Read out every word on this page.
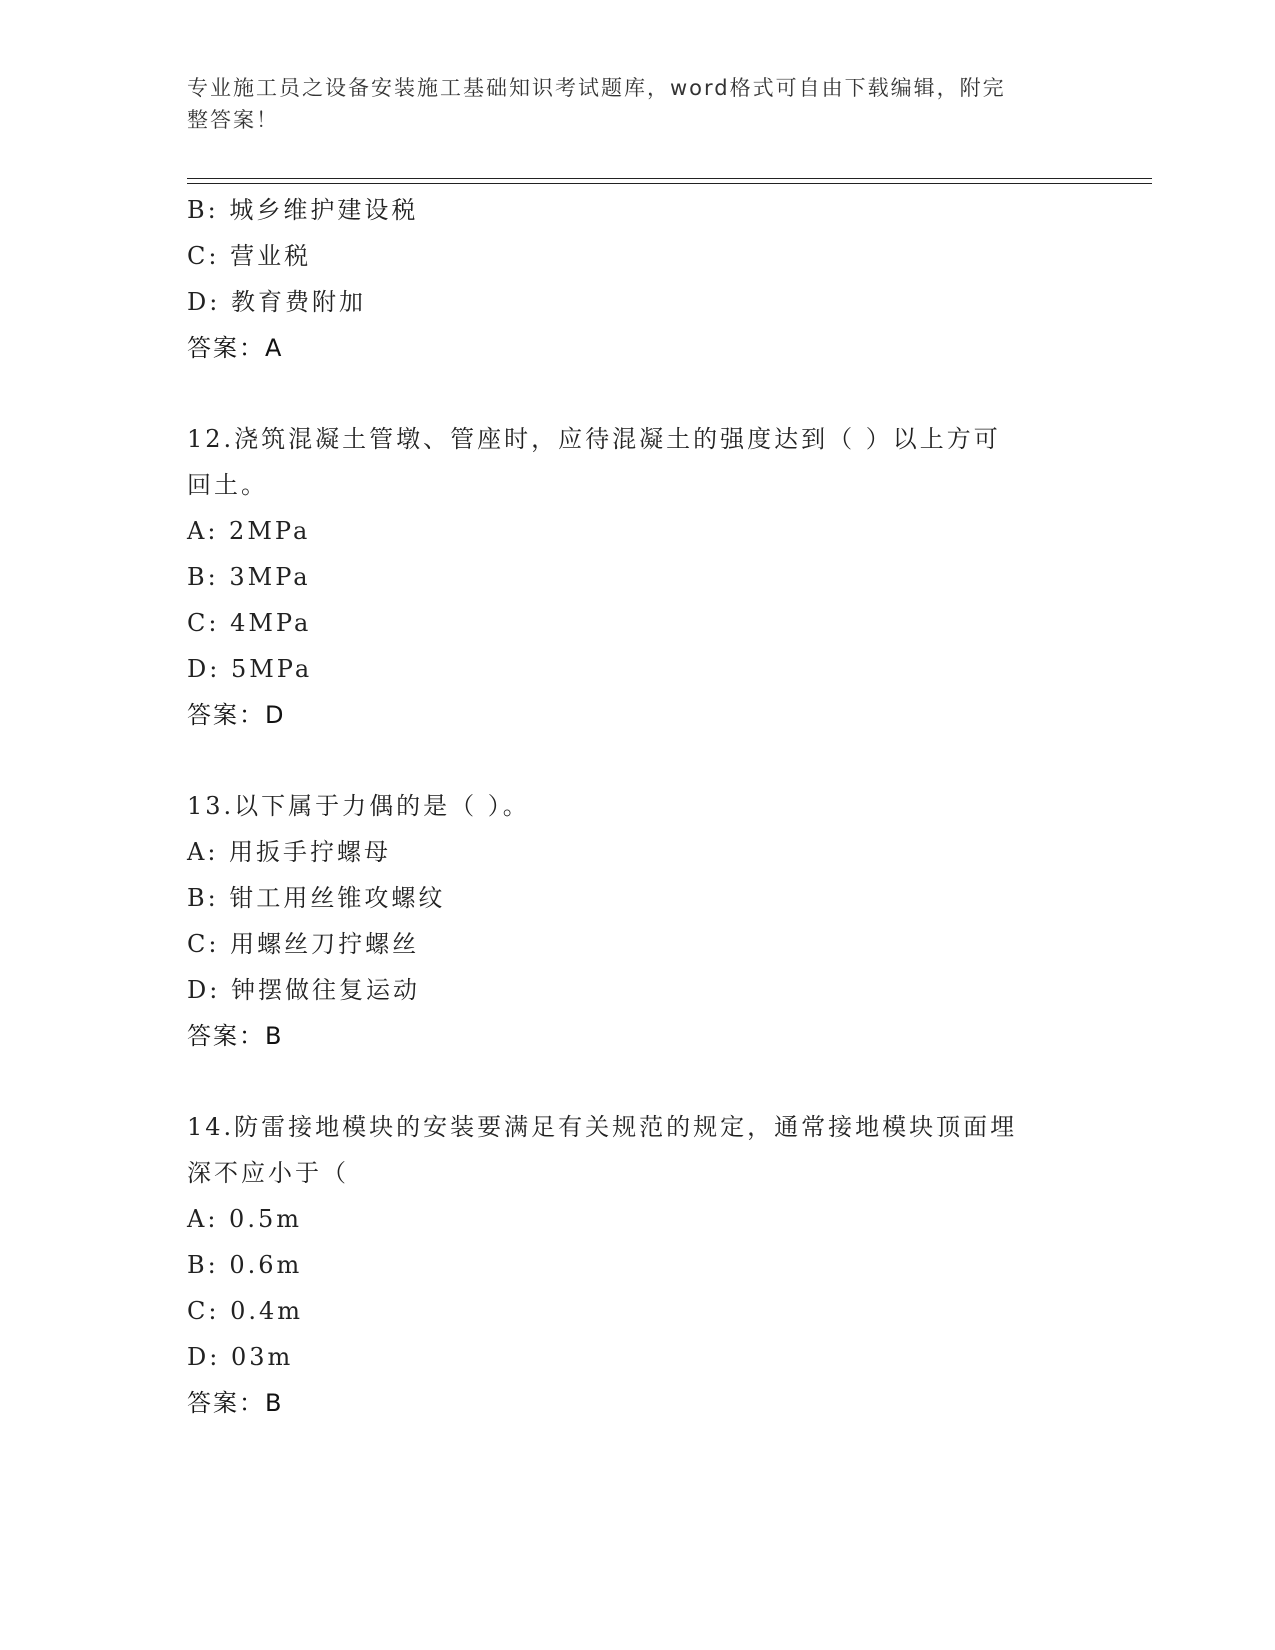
专业施工员之设备安装施工基础知识考试题库，word格式可自由下载编辑，附完
整答案！
B: 城乡维护建设税
C: 营业税
D: 教育费附加
答案：A
12.浇筑混凝土管墩、管座时，应待混凝土的强度达到（ ）以上方可
回土。
A: 2MPa
B: 3MPa
C: 4MPa
D: 5MPa
答案：D
13.以下属于力偶的是（ ）。
A: 用扳手拧螺母
B: 钳工用丝锥攻螺纹
C: 用螺丝刀拧螺丝
D: 钟摆做往复运动
答案：B
14.防雷接地模块的安装要满足有关规范的规定，通常接地模块顶面埋
深不应小于（
A: 0.5m
B: 0.6m
C: 0.4m
D: 03m
答案：B
